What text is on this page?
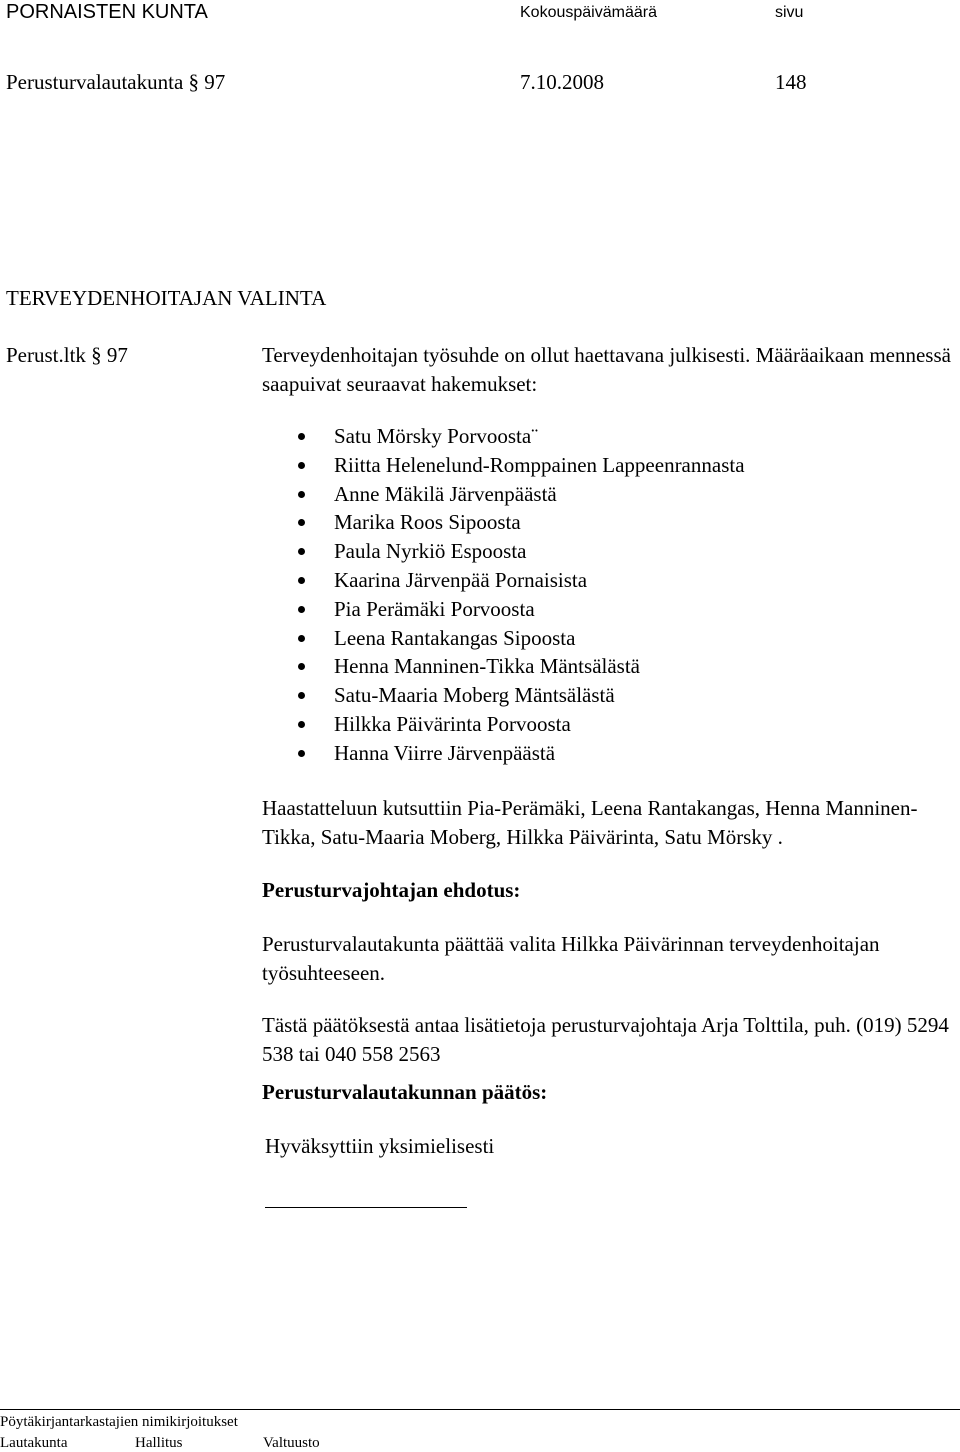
PORNAISTEN KUNTA	Kokouspäivämäärä	sivu
Perusturvalautakunta § 97	7.10.2008	148
TERVEYDENHOITAJAN VALINTA
Perust.ltk § 97	Terveydenhoitajan työsuhde on ollut haettavana julkisesti. Määräaikaan mennessä saapuivat seuraavat hakemukset:
Satu Mörsky Porvoosta¨
Riitta Helenelund-Romppainen Lappeenrannasta
Anne Mäkilä Järvenpäästä
Marika Roos Sipoosta
Paula Nyrkiö Espoosta
Kaarina Järvenpää Pornaisista
Pia Perämäki Porvoosta
Leena Rantakangas Sipoosta
Henna Manninen-Tikka Mäntsälästä
Satu-Maaria Moberg Mäntsälästä
Hilkka Päivärinta Porvoosta
Hanna Viirre Järvenpäästä
Haastatteluun kutsuttiin Pia-Perämäki, Leena Rantakangas, Henna Manninen-Tikka, Satu-Maaria Moberg, Hilkka Päivärinta, Satu Mörsky .
Perusturvajohtajan ehdotus:
Perusturvalautakunta päättää valita Hilkka Päivärinnan terveydenhoitajan työsuhteeseen.
Tästä päätöksestä antaa lisätietoja perusturvajohtaja Arja Tolttila, puh. (019) 5294 538 tai 040 558 2563
Perusturvalautakunnan päätös:
Hyväksyttiin yksimielisesti
Pöytäkirjantarkastajien nimikirjoitukset
Lautakunta	Hallitus	Valtuusto
